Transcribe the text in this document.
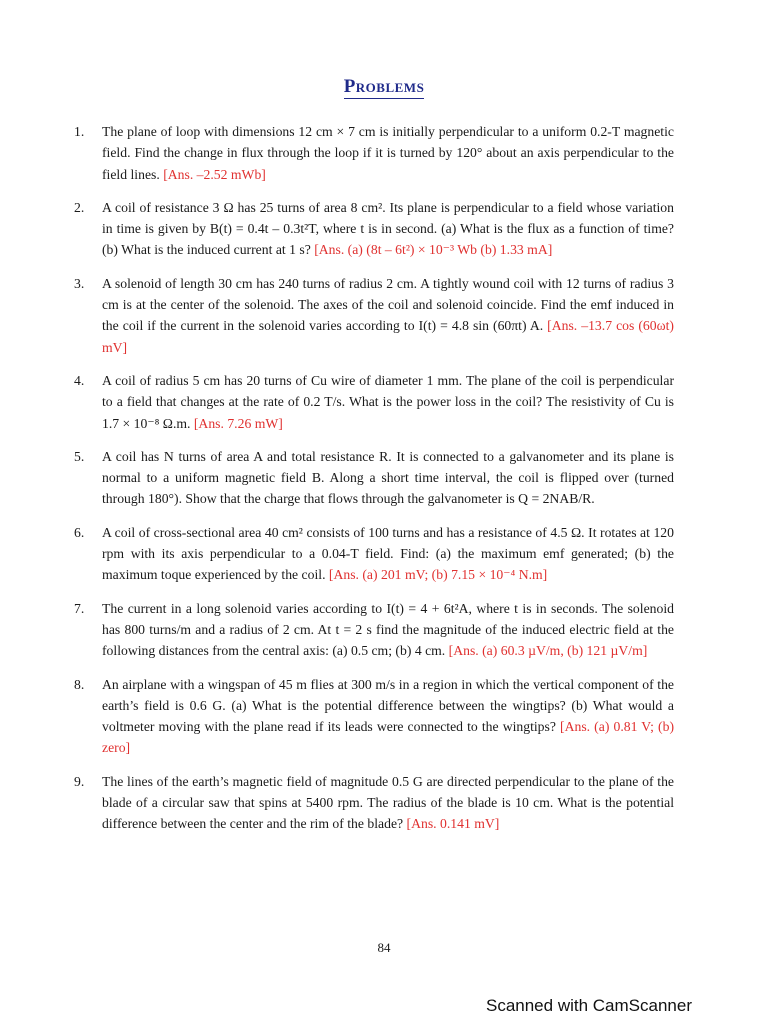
Problems
1.	The plane of loop with dimensions 12 cm × 7 cm is initially perpendicular to a uniform 0.2-T magnetic field. Find the change in flux through the loop if it is turned by 120° about an axis perpendicular to the field lines. [Ans. –2.52 mWb]
2.	A coil of resistance 3 Ω has 25 turns of area 8 cm². Its plane is perpendicular to a field whose variation in time is given by B(t) = 0.4t – 0.3t²T, where t is in second. (a) What is the flux as a function of time? (b) What is the induced current at 1 s? [Ans. (a) (8t – 6t²) × 10⁻³ Wb (b) 1.33 mA]
3.	A solenoid of length 30 cm has 240 turns of radius 2 cm. A tightly wound coil with 12 turns of radius 3 cm is at the center of the solenoid. The axes of the coil and solenoid coincide. Find the emf induced in the coil if the current in the solenoid varies according to I(t) = 4.8 sin (60πt) A. [Ans. –13.7 cos (60ωt) mV]
4.	A coil of radius 5 cm has 20 turns of Cu wire of diameter 1 mm. The plane of the coil is perpendicular to a field that changes at the rate of 0.2 T/s. What is the power loss in the coil? The resistivity of Cu is 1.7 × 10⁻⁸ Ω.m. [Ans. 7.26 mW]
5.	A coil has N turns of area A and total resistance R. It is connected to a galvanometer and its plane is normal to a uniform magnetic field B. Along a short time interval, the coil is flipped over (turned through 180°). Show that the charge that flows through the galvanometer is Q = 2NAB/R.
6.	A coil of cross-sectional area 40 cm² consists of 100 turns and has a resistance of 4.5 Ω. It rotates at 120 rpm with its axis perpendicular to a 0.04-T field. Find: (a) the maximum emf generated; (b) the maximum toque experienced by the coil. [Ans. (a) 201 mV; (b) 7.15 × 10⁻⁴ N.m]
7.	The current in a long solenoid varies according to I(t) = 4 + 6t²A, where t is in seconds. The solenoid has 800 turns/m and a radius of 2 cm. At t = 2 s find the magnitude of the induced electric field at the following distances from the central axis: (a) 0.5 cm; (b) 4 cm. [Ans. (a) 60.3 µV/m, (b) 121 µV/m]
8.	An airplane with a wingspan of 45 m flies at 300 m/s in a region in which the vertical component of the earth’s field is 0.6 G. (a) What is the potential difference between the wingtips? (b) What would a voltmeter moving with the plane read if its leads were connected to the wingtips? [Ans. (a) 0.81 V; (b) zero]
9.	The lines of the earth’s magnetic field of magnitude 0.5 G are directed perpendicular to the plane of the blade of a circular saw that spins at 5400 rpm. The radius of the blade is 10 cm. What is the potential difference between the center and the rim of the blade? [Ans. 0.141 mV]
84
Scanned with CamScanner
